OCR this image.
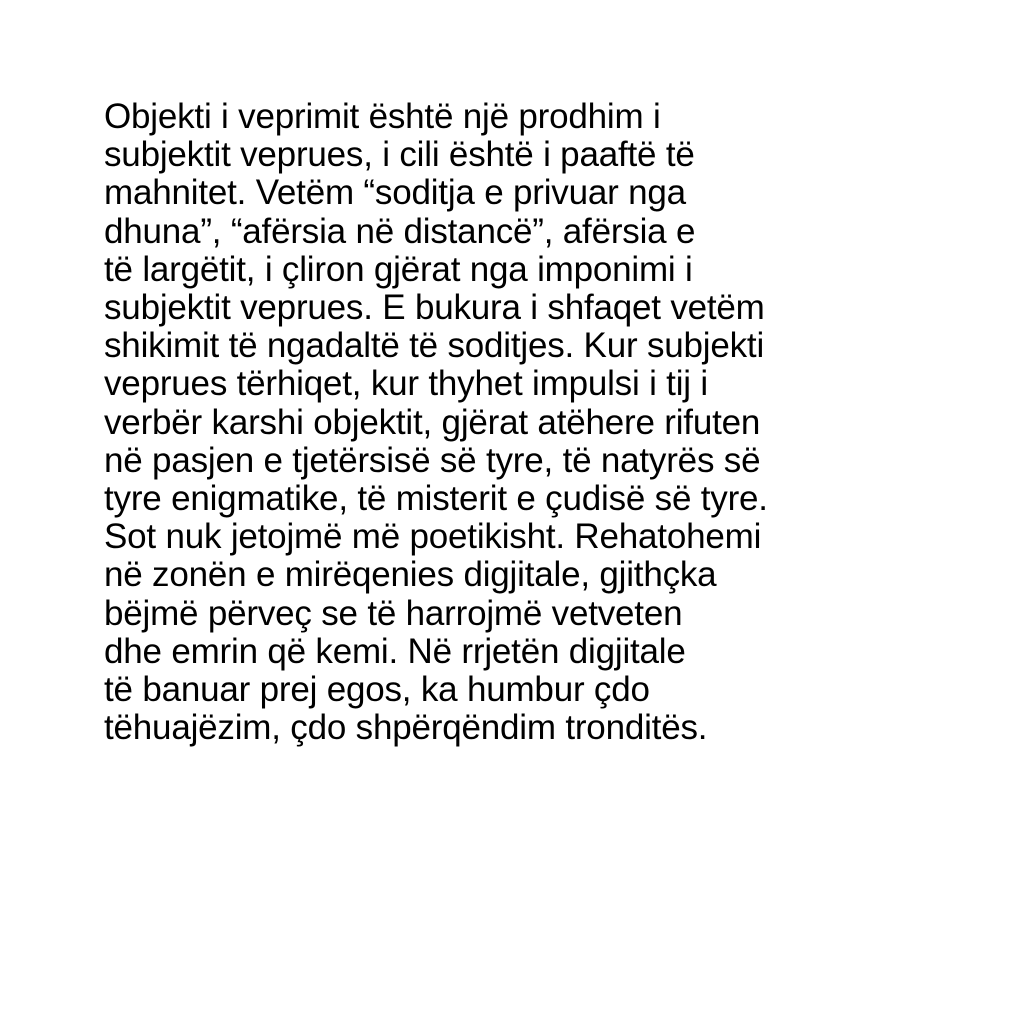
Objekti i veprimit është një prodhim i
subjektit veprues, i cili është i paaftë të
mahnitet. Vetëm “soditja e privuar nga
dhuna”, “afërsia në distancë”, afërsia e
të largëtit, i çliron gjërat nga imponimi i
subjektit veprues. E bukura i shfaqet vetëm
shikimit të ngadaltë të soditjes. Kur subjekti
veprues tërhiqet, kur thyhet impulsi i tij i
verbër karshi objektit, gjërat atëhere rifuten
në pasjen e tjetërsisë së tyre, të natyrës së
tyre enigmatike, të misterit e çudisë së tyre.
Sot nuk jetojmë më poetikisht. Rehatohemi
në zonën e mirëqenies digjitale, gjithçka
bëjmë përveç se të harrojmë vetveten
dhe emrin që kemi. Në rrjetën digjitale
të banuar prej egos, ka humbur çdo
tëhuajëzim, çdo shpërqëndim tronditës.
